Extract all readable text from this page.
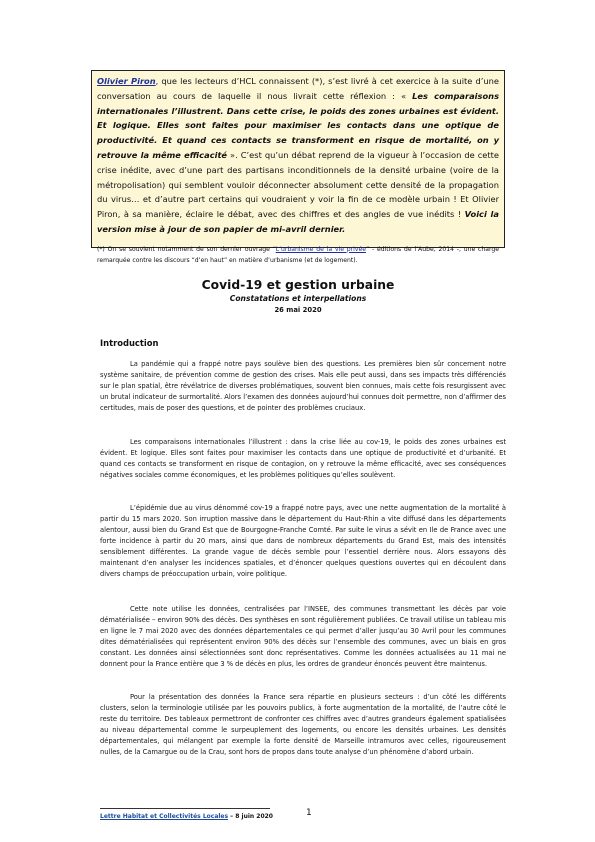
Olivier Piron, que les lecteurs d’HCL connaissent (*), s’est livré à cet exercice à la suite d’une conversation au cours de laquelle il nous livrait cette réflexion : « Les comparaisons internationales l’illustrent. Dans cette crise, le poids des zones urbaines est évident. Et logique. Elles sont faites pour maximiser les contacts dans une optique de productivité. Et quand ces contacts se transforment en risque de mortalité, on y retrouve la même efficacité ». C’est qu’un débat reprend de la vigueur à l’occasion de cette crise inédite, avec d’une part des partisans inconditionnels de la densité urbaine (voire de la métropolisation) qui semblent vouloir déconnecter absolument cette densité de la propagation du virus… et d’autre part certains qui voudraient y voir la fin de ce modèle urbain ! Et Olivier Piron, à sa manière, éclaire le débat, avec des chiffres et des angles de vue inédits ! Voici la version mise à jour de son papier de mi-avril dernier.

(*) On se souvient notamment de son dernier ouvrage “L’urbanisme de la vie privée” - éditions de l’Aube, 2014 -, une charge remarquée contre les discours “d’en haut” en matière d’urbanisme (et de logement).

Covid-19 et gestion urbaine

Constatations et interpellations

26 mai 2020

Introduction

La pandémie qui a frappé notre pays soulève bien des questions. Les premières bien sûr concernent notre système sanitaire, de prévention comme de gestion des crises. Mais elle peut aussi, dans ses impacts très différenciés sur le plan spatial, être révélatrice de diverses problématiques, souvent bien connues, mais cette fois resurgissent avec un brutal indicateur de surmortalité. Alors l’examen des données aujourd’hui connues doit permettre, non d’affirmer des certitudes, mais de poser des questions, et de pointer des problèmes cruciaux.

Les comparaisons internationales l’illustrent : dans la crise liée au cov-19, le poids des zones urbaines est évident. Et logique. Elles sont faites pour maximiser les contacts dans une optique de productivité et d’urbanité. Et quand ces contacts se transforment en risque de contagion, on y retrouve la même efficacité, avec ses conséquences négatives sociales comme économiques, et les problèmes politiques qu’elles soulèvent.

L’épidémie due au virus dénommé cov-19 a frappé notre pays, avec une nette augmentation de la mortalité à partir du 15 mars 2020. Son irruption massive dans le département du Haut-Rhin a vite diffusé dans les départements alentour, aussi bien du Grand Est que de Bourgogne-Franche Comté. Par suite le virus a sévit en Ile de France avec une forte incidence à partir du 20 mars, ainsi que dans de nombreux départements du Grand Est, mais des intensités sensiblement différentes. La grande vague de décès semble pour l’essentiel derrière nous. Alors essayons dès maintenant d’en analyser les incidences spatiales, et d’énoncer quelques questions ouvertes qui en découlent dans divers champs de préoccupation urbain, voire politique.

Cette note utilise les données, centralisées par l’INSEE, des communes transmettant les décès par voie dématérialisée – environ 90% des décès. Des synthèses en sont régulièrement publiées. Ce travail utilise un tableau mis en ligne le 7 mai 2020 avec des données départementales ce qui permet d’aller jusqu’au 30 Avril pour les communes dites dématérialisées qui représentent environ 90% des décès sur l’ensemble des communes, avec un biais en gros constant. Les données ainsi sélectionnées sont donc représentatives. Comme les données actualisées au 11 mai ne donnent pour la France entière que 3 % de décès en plus, les ordres de grandeur énoncés peuvent être maintenus.

Pour la présentation des données la France sera répartie en plusieurs secteurs : d’un côté les différents clusters, selon la terminologie utilisée par les pouvoirs publics, à forte augmentation de la mortalité, de l’autre côté le reste du territoire. Des tableaux permettront de confronter ces chiffres avec d’autres grandeurs également spatialisées au niveau départemental comme le surpeuplement des logements, ou encore les densités urbaines. Les densités départementales, qui mélangent par exemple la forte densité de Marseille intramuros avec celles, rigoureusement nulles, de la Camargue ou de la Crau, sont hors de propos dans toute analyse d’un phénomène d’abord urbain.

Lettre Habitat et Collectivités Locales – 8 juin 2020	1
